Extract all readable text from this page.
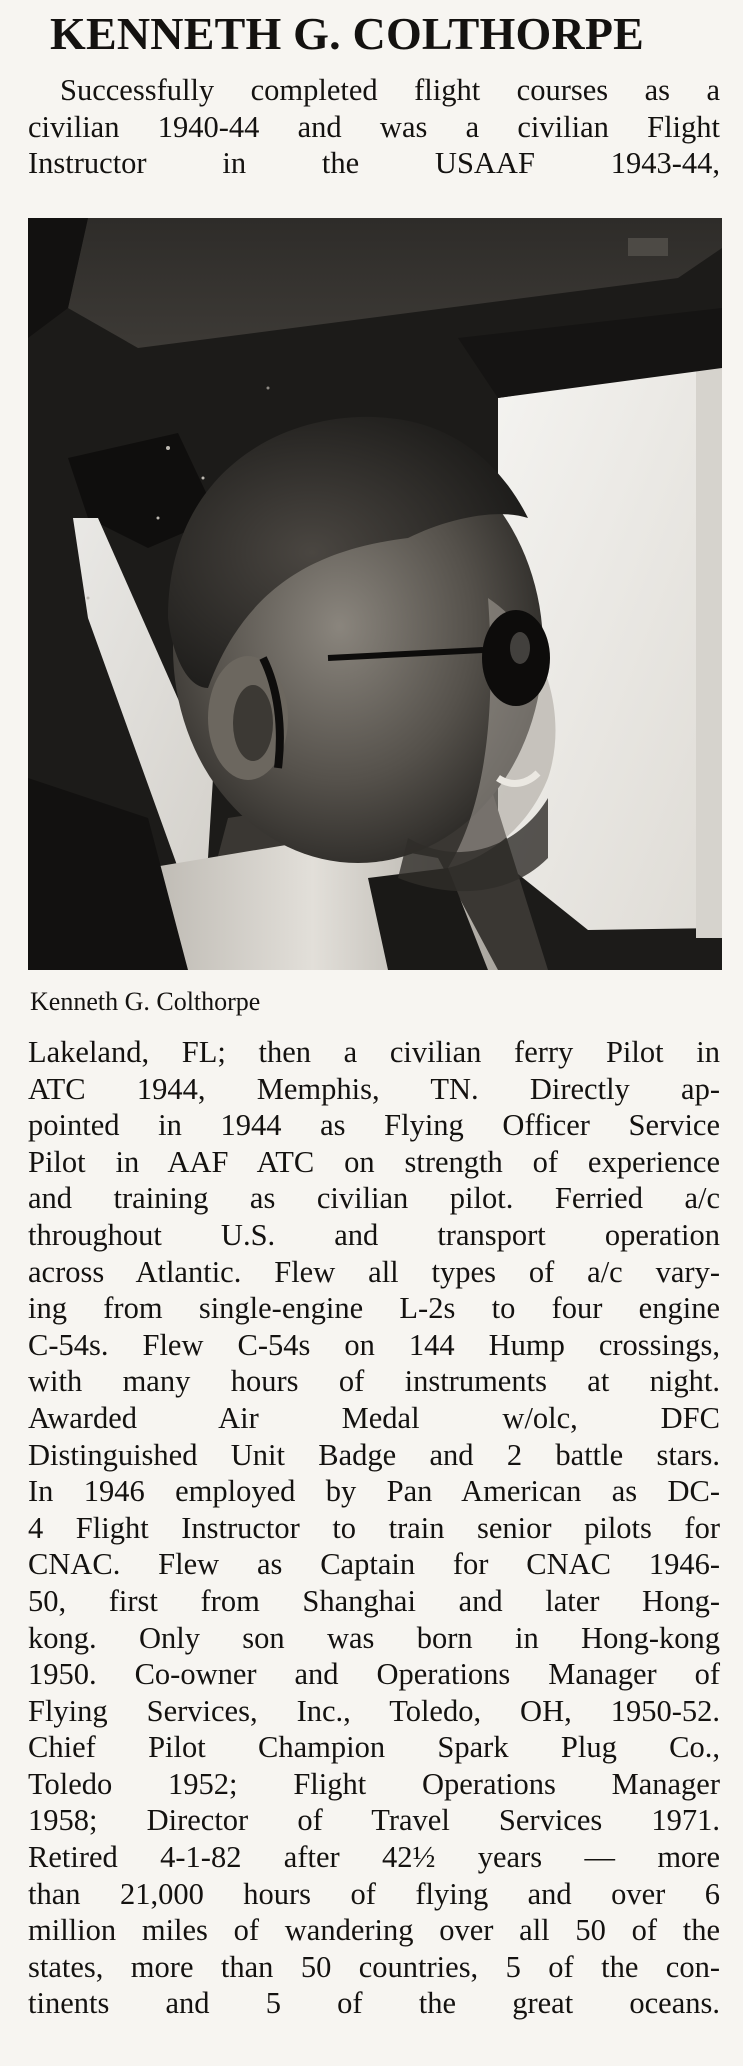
KENNETH G. COLTHORPE
Successfully completed flight courses as a
civilian 1940-44 and was a civilian Flight
Instructor in the USAAF 1943-44,
Kenneth G. Colthorpe
Lakeland, FL; then a civilian ferry Pilot in
ATC 1944, Memphis, TN. Directly ap-
pointed in 1944 as Flying Officer Service
Pilot in AAF ATC on strength of experience
and training as civilian pilot. Ferried a/c
throughout U.S. and transport operation
across Atlantic. Flew all types of a/c vary-
ing from single-engine L-2s to four engine
C-54s. Flew C-54s on 144 Hump crossings,
with many hours of instruments at night.
Awarded Air Medal w/olc, DFC
Distinguished Unit Badge and 2 battle stars.
In 1946 employed by Pan American as DC-
4 Flight Instructor to train senior pilots for
CNAC. Flew as Captain for CNAC 1946-
50, first from Shanghai and later Hong-
kong. Only son was born in Hong-kong
1950. Co-owner and Operations Manager of
Flying Services, Inc., Toledo, OH, 1950-52.
Chief Pilot Champion Spark Plug Co.,
Toledo 1952; Flight Operations Manager
1958; Director of Travel Services 1971.
Retired 4-1-82 after 42½ years — more
than 21,000 hours of flying and over 6
million miles of wandering over all 50 of the
states, more than 50 countries, 5 of the con-
tinents and 5 of the great oceans.
